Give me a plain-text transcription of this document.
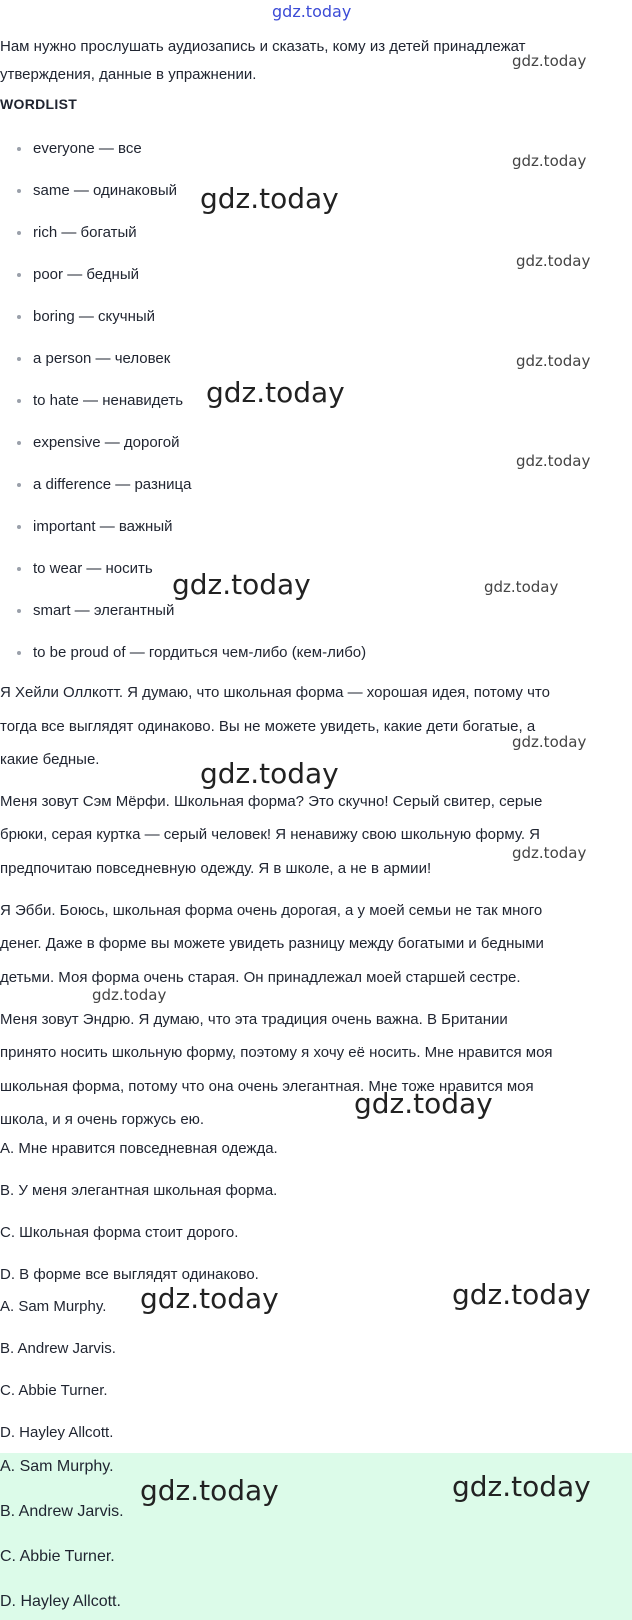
gdz.today
Нам нужно прослушать аудиозапись и сказать, кому из детей принадлежат
утверждения, данные в упражнении.
WORDLIST
everyone — все
same — одинаковый
rich — богатый
poor — бедный
boring — скучный
a person — человек
to hate — ненавидеть
expensive — дорогой
a difference — разница
important — важный
to wear — носить
smart — элегантный
to be proud of — гордиться чем-либо (кем-либо)
Я Хейли Оллкотт. Я думаю, что школьная форма — хорошая идея, потому что
тогда все выглядят одинаково. Вы не можете увидеть, какие дети богатые, а
какие бедные.
Меня зовут Сэм Мёрфи. Школьная форма? Это скучно! Серый свитер, серые
брюки, серая куртка — серый человек! Я ненавижу свою школьную форму. Я
предпочитаю повседневную одежду. Я в школе, а не в армии!
Я Эбби. Боюсь, школьная форма очень дорогая, а у моей семьи не так много
денег. Даже в форме вы можете увидеть разницу между богатыми и бедными
детьми. Моя форма очень старая. Он принадлежал моей старшей сестре.
Меня зовут Эндрю. Я думаю, что эта традиция очень важна. В Британии
принято носить школьную форму, поэтому я хочу её носить. Мне нравится моя
школьная форма, потому что она очень элегантная. Мне тоже нравится моя
школа, и я очень горжусь ею.
A. Мне нравится повседневная одежда.
B. У меня элегантная школьная форма.
C. Школьная форма стоит дорого.
D. В форме все выглядят одинаково.
A. Sam Murphy.
B. Andrew Jarvis.
C. Abbie Turner.
D. Hayley Allcott.
A. Sam Murphy.
B. Andrew Jarvis.
C. Abbie Turner.
D. Hayley Allcott.
gdz.today
gdz.today
gdz.today
gdz.today
gdz.today
gdz.today
gdz.today
gdz.today	gdz.today
gdz.today
gdz.today
gdz.today
gdz.today
gdz.today
gdz.today	gdz.today
gdz.today	gdz.today
